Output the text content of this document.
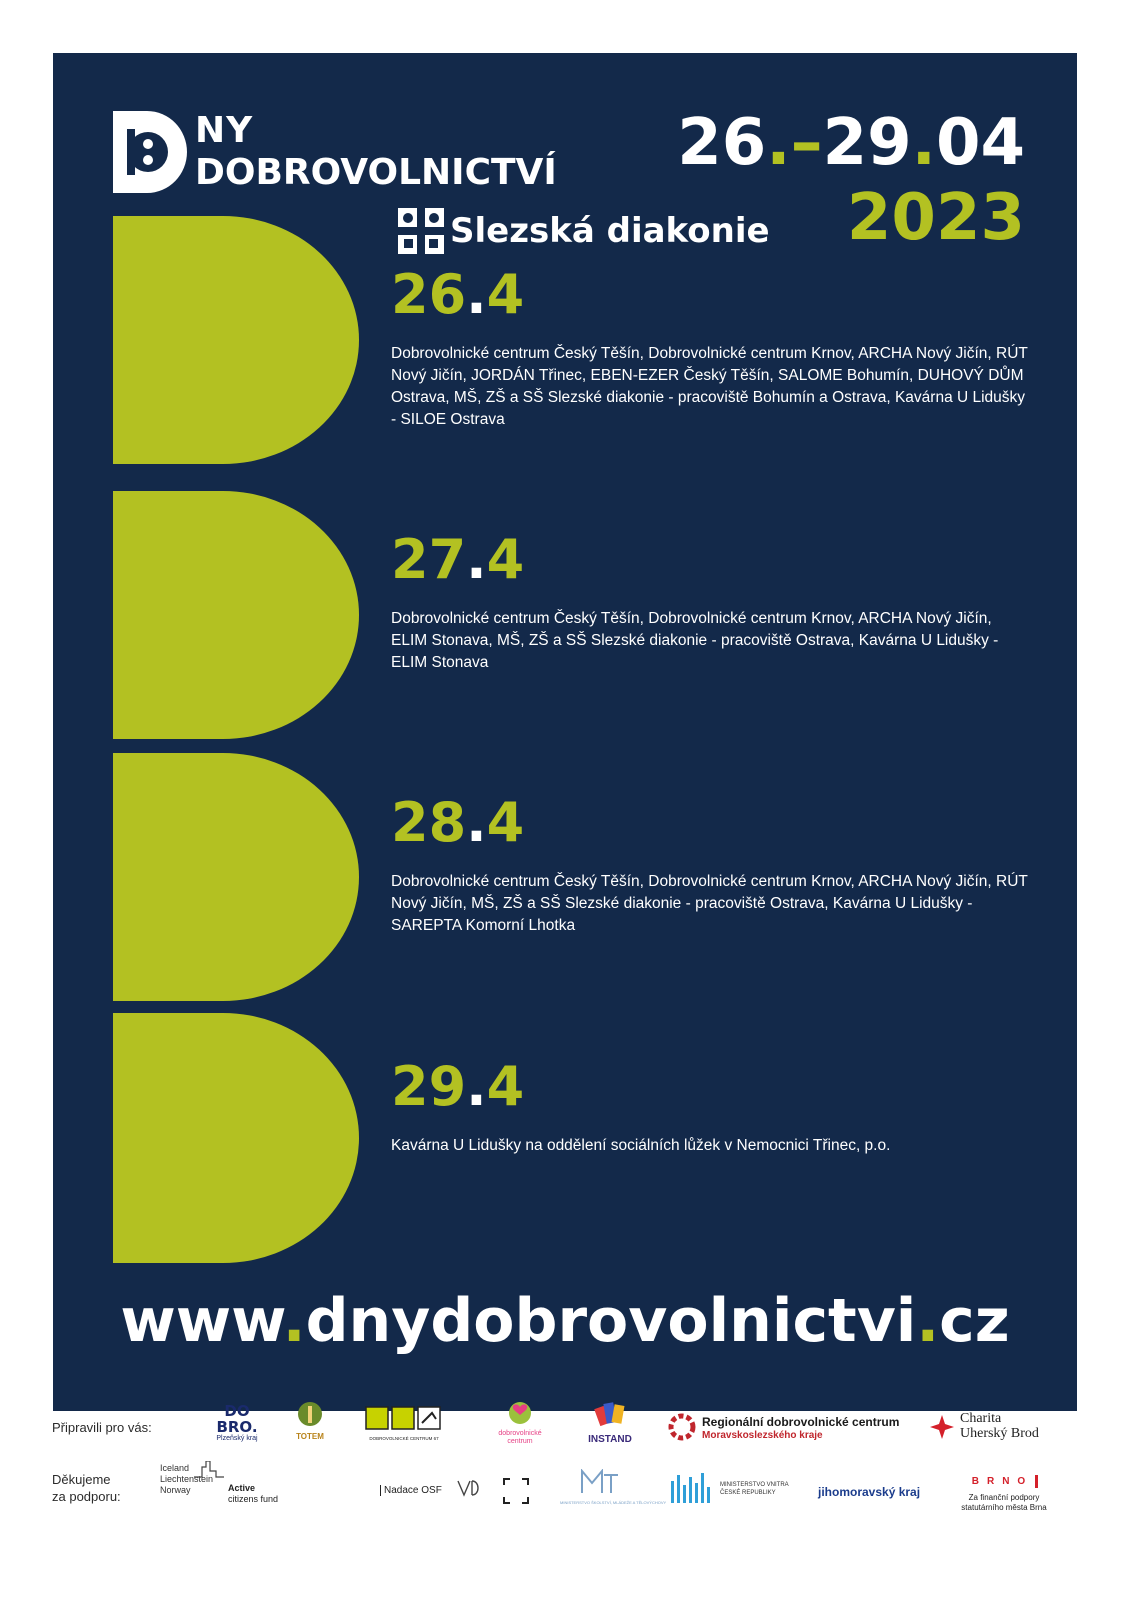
NY
DOBROVOLNICTVÍ 26.–29.04
2023
Slezská diakonie
26.4
Dobrovolnické centrum Český Těšín, Dobrovolnické centrum Krnov, ARCHA Nový Jičín, RÚT Nový Jičín, JORDÁN Třinec, EBEN-EZER Český Těšín, SALOME Bohumín, DUHOVÝ DŮM Ostrava, MŠ, ZŠ a SŠ Slezské diakonie - pracoviště Bohumín a Ostrava, Kavárna U Lidušky - SILOE Ostrava
27.4
Dobrovolnické centrum Český Těšín, Dobrovolnické centrum Krnov, ARCHA Nový Jičín, ELIM Stonava, MŠ, ZŠ a SŠ Slezské diakonie - pracoviště Ostrava, Kavárna U Lidušky - ELIM Stonava
28.4
Dobrovolnické centrum Český Těšín, Dobrovolnické centrum Krnov, ARCHA Nový Jičín, RÚT Nový Jičín, MŠ, ZŠ a SŠ Slezské diakonie - pracoviště Ostrava, Kavárna U Lidušky - SAREPTA Komorní Lhotka
29.4
Kavárna U Lidušky na oddělení sociálních lůžek v Nemocnici Třinec, p.o.
www.dnydobrovolnictvi.cz
Připravili pro vás:
Děkujeme
za podporu:
DO
BRO.
Plzeňský kraj	TOTEM	DOBROVOLNICKÉ CENTRUM 67
dobrovolnické
centrum	INSTAND
Regionální dobrovolnické centrum
Moravskoslezského kraje
Charita
Uherský Brod
Iceland
Liechtenstein
Norway	Active
citizens fund
Nadace OSF
MINISTERSTVO ŠKOLSTVÍ, MLÁDEŽE A TĚLOVÝCHOVY
MINISTERSTVO VNITRA
ČESKÉ REPUBLIKY	jihomoravský kraj
BRNO
Za finanční podpory
statutárního města Brna
